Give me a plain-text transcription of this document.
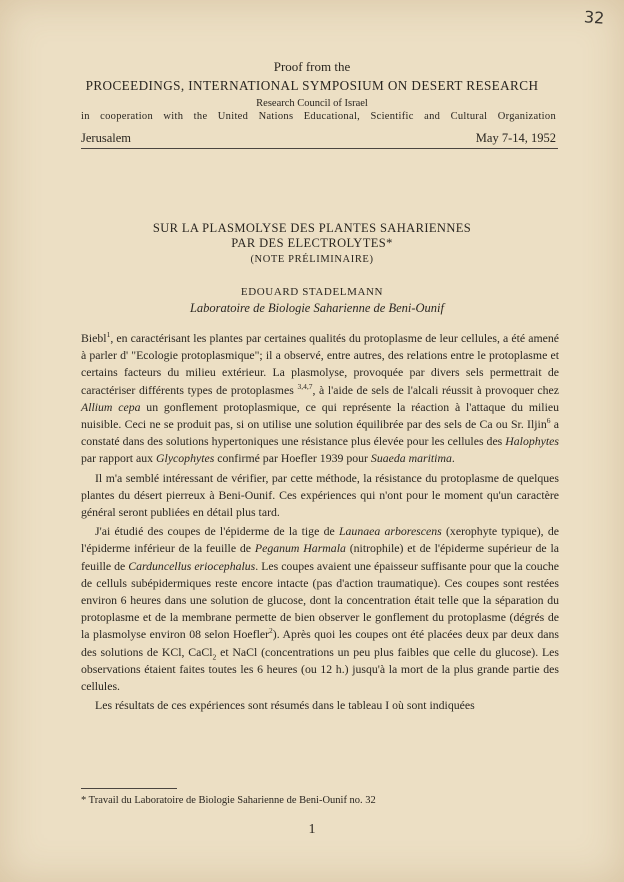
32
Proof from the
PROCEEDINGS, INTERNATIONAL SYMPOSIUM ON DESERT RESEARCH
Research Council of Israel
in cooperation with the United Nations Educational, Scientific and Cultural Organization
Jerusalem	May 7-14, 1952
SUR LA PLASMOLYSE DES PLANTES SAHARIENNES
PAR DES ELECTROLYTES*
(NOTE PRÉLIMINAIRE)
EDOUARD STADELMANN
Laboratoire de Biologie Saharienne de Beni-Ounif

Biebl$^1$, en caractérisant les plantes par certaines qualités du protoplasme de leur cellules, a été amené à parler d' "Ecologie protoplasmique"; il a observé, entre autres, des relations entre le protoplasme et certains facteurs du milieu extérieur. La plasmolyse, provoquée par divers sels permettrait de caractériser différents types de protoplasmes $^{3,4,7}$, à l'aide de sels de l'alcali réussit à provoquer chez Allium cepa un gonflement protoplasmique, ce qui représente la réaction à l'attaque du milieu nuisible. Ceci ne se produit pas, si on utilise une solution équilibrée par des sels de Ca ou Sr. Iljin$^6$ a constaté dans des solutions hypertoniques une résistance plus élevée pour les cellules des Halophytes par rapport aux Glycophytes confirmé par Hoefler 1939 pour Suaeda maritima.

Il m'a semblé intéressant de vérifier, par cette méthode, la résistance du protoplasme de quelques plantes du désert pierreux à Beni-Ounif. Ces expériences qui n'ont pour le moment qu'un caractère général seront publiées en détail plus tard.

J'ai étudié des coupes de l'épiderme de la tige de Launaea arborescens (xerophyte typique), de l'épiderme inférieur de la feuille de Peganum Harmala (nitrophile) et de l'épiderme supérieur de la feuille de Carduncellus eriocephalus. Les coupes avaient une épaisseur suffisante pour que la couche de celluls subépidermiques reste encore intacte (pas d'action traumatique). Ces coupes sont restées environ 6 heures dans une solution de glucose, dont la concentration était telle que la séparation du protoplasme et de la membrane permette de bien observer le gonflement du protoplasme (dégrés de la plasmolyse environ 08 selon Hoefler$^2$). Après quoi les coupes ont été placées deux par deux dans des solutions de KCl, CaCl$_2$ et NaCl (concentrations un peu plus faibles que celle du glucose). Les observations étaient faites toutes les 6 heures (ou 12 h.) jusqu'à la mort de la plus grande partie des cellules.

Les résultats de ces expériences sont résumés dans le tableau I où sont indiquées

* Travail du Laboratoire de Biologie Saharienne de Beni-Ounif no. 32
1
